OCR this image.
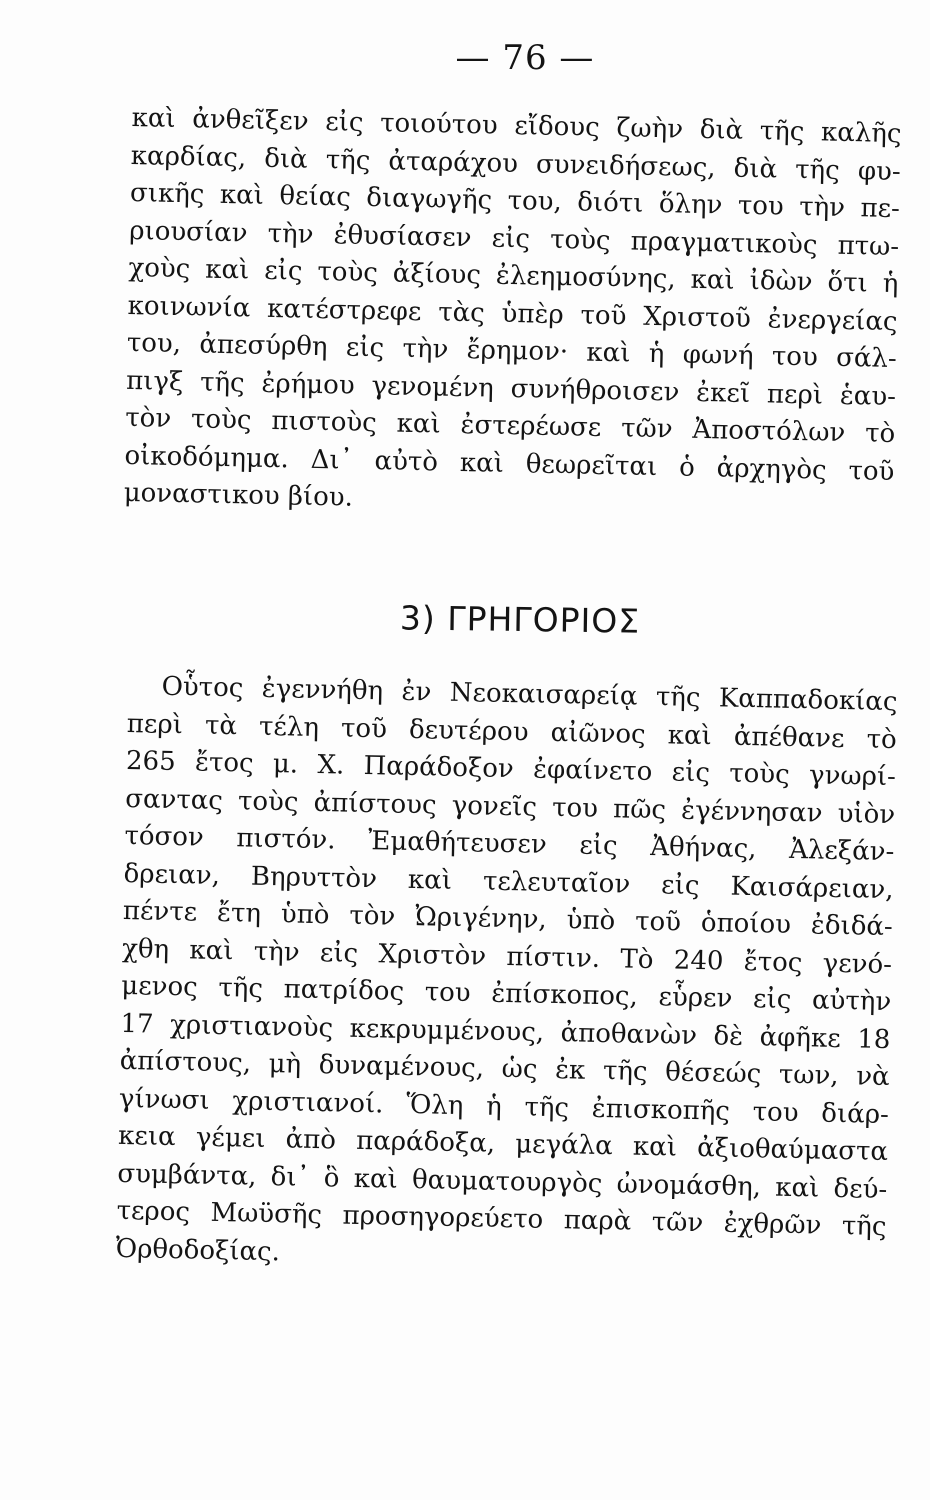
— 76 —
καὶ ἀνθεῖξεν εἰς τοιούτου εἴδους ζωὴν διὰ τῆς καλῆς
καρδίας, διὰ τῆς ἀταράχου συνειδήσεως, διὰ τῆς φυ-
σικῆς καὶ θείας διαγωγῆς του, διότι ὅλην του τὴν πε-
ριουσίαν τὴν ἐθυσίασεν εἰς τοὺς πραγματικοὺς πτω-
χοὺς καὶ εἰς τοὺς ἀξίους ἐλεημοσύνης, καὶ ἰδὼν ὅτι ἡ
κοινωνία κατέστρεφε τὰς ὑπὲρ τοῦ Χριστοῦ ἐνεργείας
του, ἀπεσύρθη εἰς τὴν ἔρημον· καὶ ἡ φωνή του σάλ-
πιγξ τῆς ἐρήμου γενομένη συνήθροισεν ἐκεῖ περὶ ἑαυ-
τὸν τοὺς πιστοὺς καὶ ἐστερέωσε τῶν Ἀποστόλων τὸ
οἰκοδόμημα. Δι᾽ αὐτὸ καὶ θεωρεῖται ὁ ἀρχηγὸς τοῦ
μοναστικου βίου.
3) ΓΡΗΓΟΡΙΟΣ
Οὗτος ἐγεννήθη ἐν Νεοκαισαρείᾳ τῆς Καππαδοκίας
περὶ τὰ τέλη τοῦ δευτέρου αἰῶνος καὶ ἀπέθανε τὸ
265 ἔτος μ. Χ. Παράδοξον ἐφαίνετο εἰς τοὺς γνωρί-
σαντας τοὺς ἀπίστους γονεῖς του πῶς ἐγέννησαν υἱὸν
τόσον πιστόν. Ἐμαθήτευσεν εἰς Ἀθήνας, Ἀλεξάν-
δρειαν, Βηρυττὸν καὶ τελευταῖον εἰς Καισάρειαν,
πέντε ἔτη ὑπὸ τὸν Ὠριγένην, ὑπὸ τοῦ ὁποίου ἐδιδά-
χθη καὶ τὴν εἰς Χριστὸν πίστιν. Τὸ 240 ἔτος γενό-
μενος τῆς πατρίδος του ἐπίσκοπος, εὗρεν εἰς αὐτὴν
17 χριστιανοὺς κεκρυμμένους, ἀποθανὼν δὲ ἀφῆκε 18
ἀπίστους, μὴ δυναμένους, ὡς ἐκ τῆς θέσεώς των, νὰ
γίνωσι χριστιανοί. Ὅλη ἡ τῆς ἐπισκοπῆς του διάρ-
κεια γέμει ἀπὸ παράδοξα, μεγάλα καὶ ἀξιοθαύμαστα
συμβάντα, δι᾽ ὃ καὶ θαυματουργὸς ὠνομάσθη, καὶ δεύ-
τερος Μωϋσῆς προσηγορεύετο παρὰ τῶν ἐχθρῶν τῆς
Ὀρθοδοξίας.
